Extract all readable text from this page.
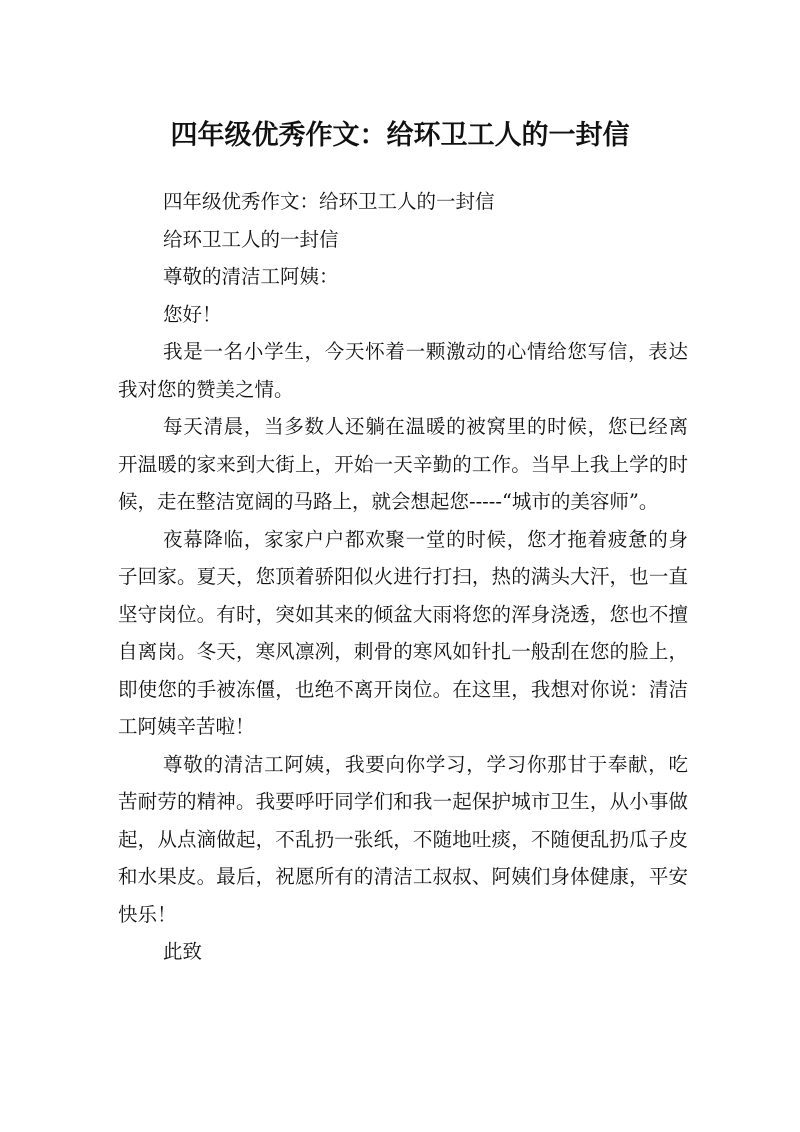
四年级优秀作文：给环卫工人的一封信

四年级优秀作文：给环卫工人的一封信

给环卫工人的一封信

尊敬的清洁工阿姨：

您好！

我是一名小学生，今天怀着一颗激动的心情给您写信，表达我对您的赞美之情。

每天清晨，当多数人还躺在温暖的被窝里的时候，您已经离开温暖的家来到大街上，开始一天辛勤的工作。当早上我上学的时候，走在整洁宽阔的马路上，就会想起您-----“城市的美容师”。

夜幕降临，家家户户都欢聚一堂的时候，您才拖着疲惫的身子回家。夏天，您顶着骄阳似火进行打扫，热的满头大汗，也一直坚守岗位。有时，突如其来的倾盆大雨将您的浑身浇透，您也不擅自离岗。冬天，寒风凛冽，刺骨的寒风如针扎一般刮在您的脸上，即使您的手被冻僵，也绝不离开岗位。在这里，我想对你说：清洁工阿姨辛苦啦！

尊敬的清洁工阿姨，我要向你学习，学习你那甘于奉献，吃苦耐劳的精神。我要呼吁同学们和我一起保护城市卫生，从小事做起，从点滴做起，不乱扔一张纸，不随地吐痰，不随便乱扔瓜子皮和水果皮。最后，祝愿所有的清洁工叔叔、阿姨们身体健康，平安快乐！

此致
